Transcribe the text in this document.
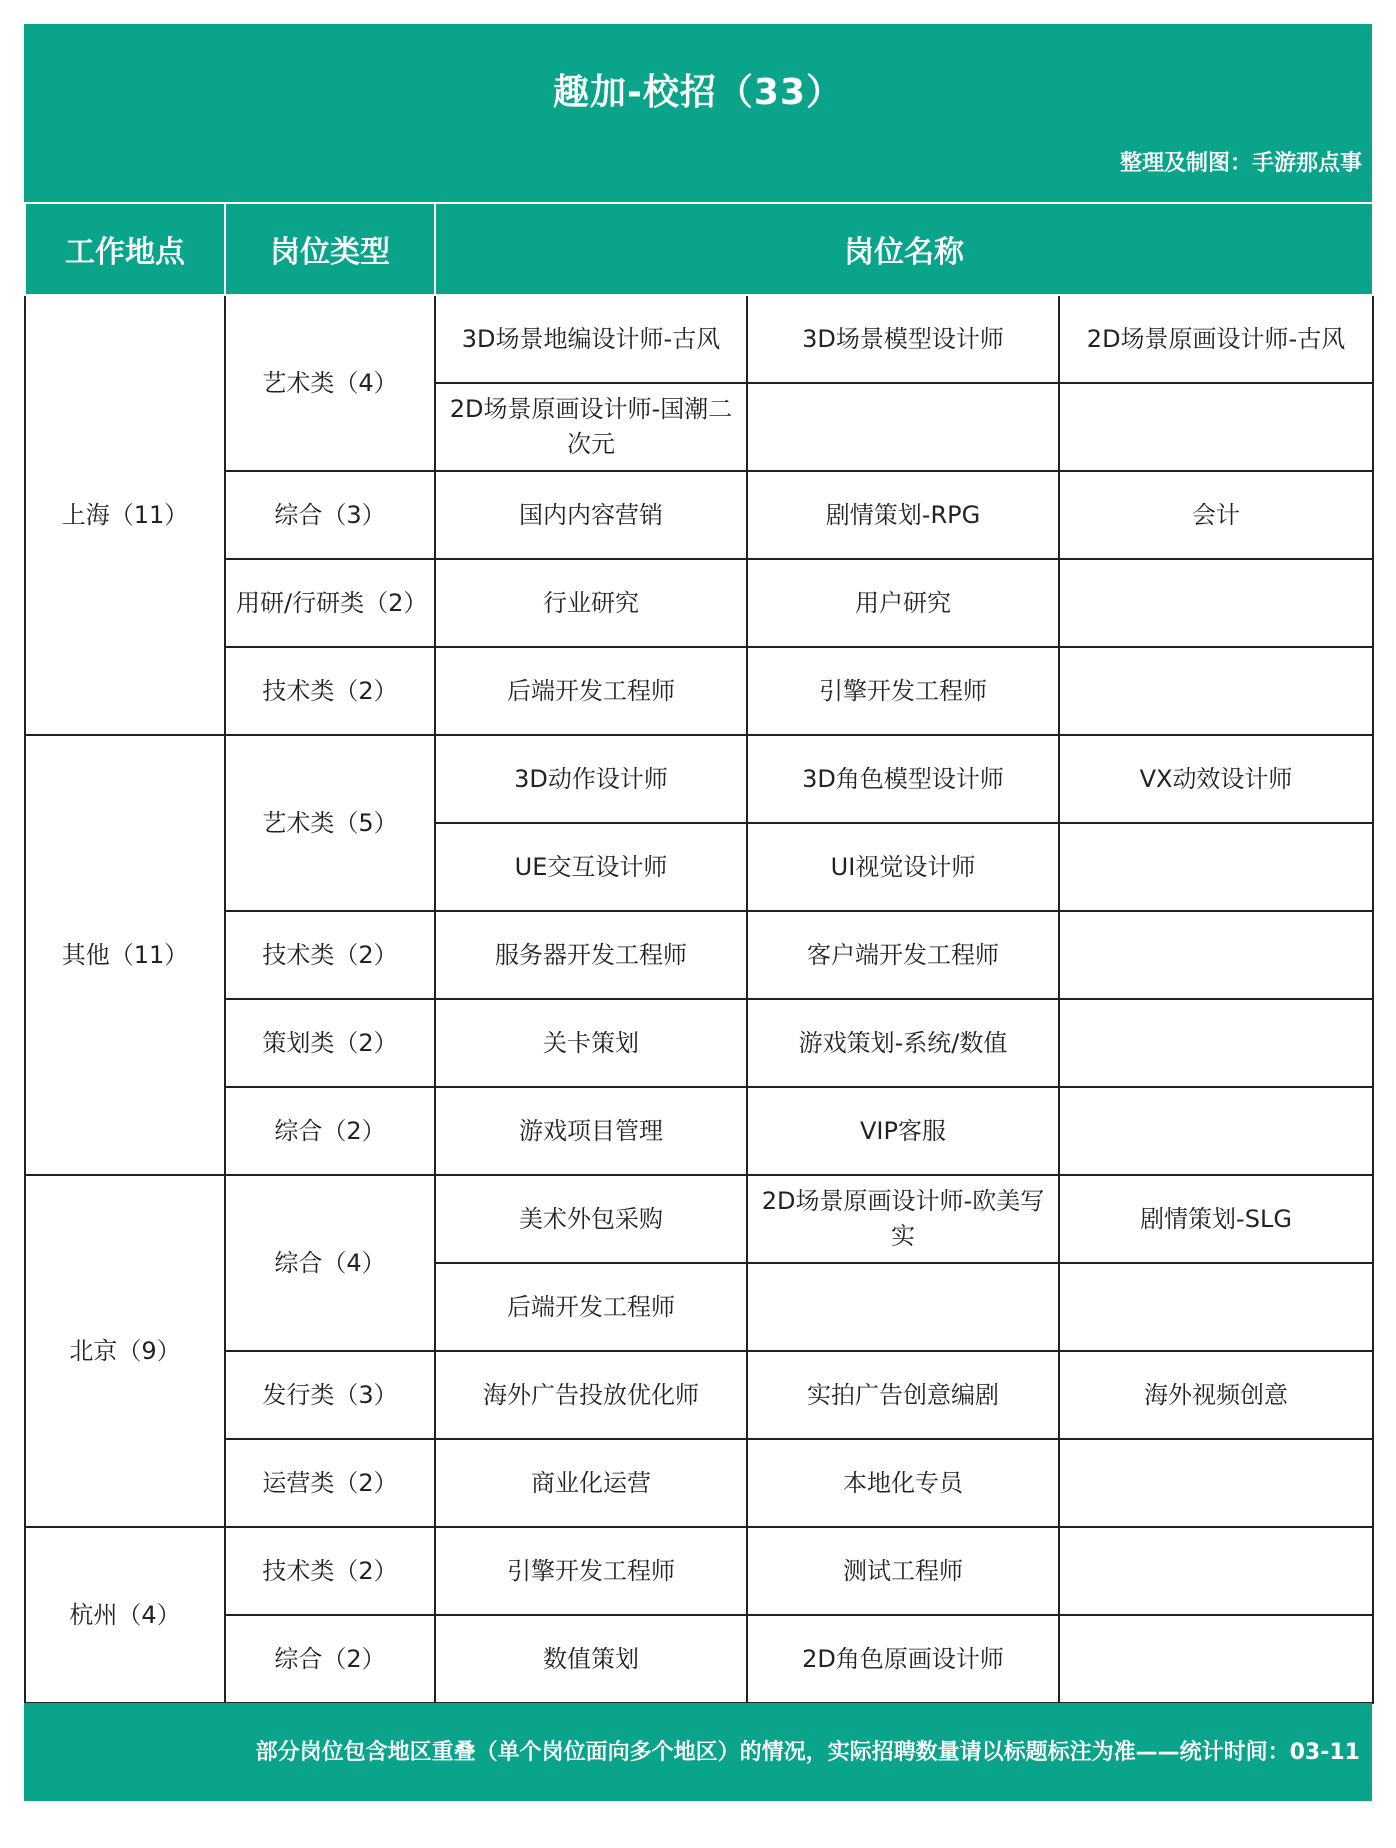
趣加-校招（33）
整理及制图：手游那点事
工作地点	岗位类型	岗位名称		
上海（11）	艺术类（4）	3D场景地编设计师-古风	3D场景模型设计师	2D场景原画设计师-古风
		2D场景原画设计师-国潮二次元		
	综合（3）	国内内容营销	剧情策划-RPG	会计
	用研/行研类（2）	行业研究	用户研究	
	技术类（2）	后端开发工程师	引擎开发工程师	
其他（11）	艺术类（5）	3D动作设计师	3D角色模型设计师	VX动效设计师
		UE交互设计师	UI视觉设计师	
	技术类（2）	服务器开发工程师	客户端开发工程师	
	策划类（2）	关卡策划	游戏策划-系统/数值	
	综合（2）	游戏项目管理	VIP客服	
北京（9）	综合（4）	美术外包采购	2D场景原画设计师-欧美写实	剧情策划-SLG
		后端开发工程师		
	发行类（3）	海外广告投放优化师	实拍广告创意编剧	海外视频创意
	运营类（2）	商业化运营	本地化专员	
杭州（4）	技术类（2）	引擎开发工程师	测试工程师	
	综合（2）	数值策划	2D角色原画设计师	
部分岗位包含地区重叠（单个岗位面向多个地区）的情况，实际招聘数量请以标题标注为准——统计时间：03-11
